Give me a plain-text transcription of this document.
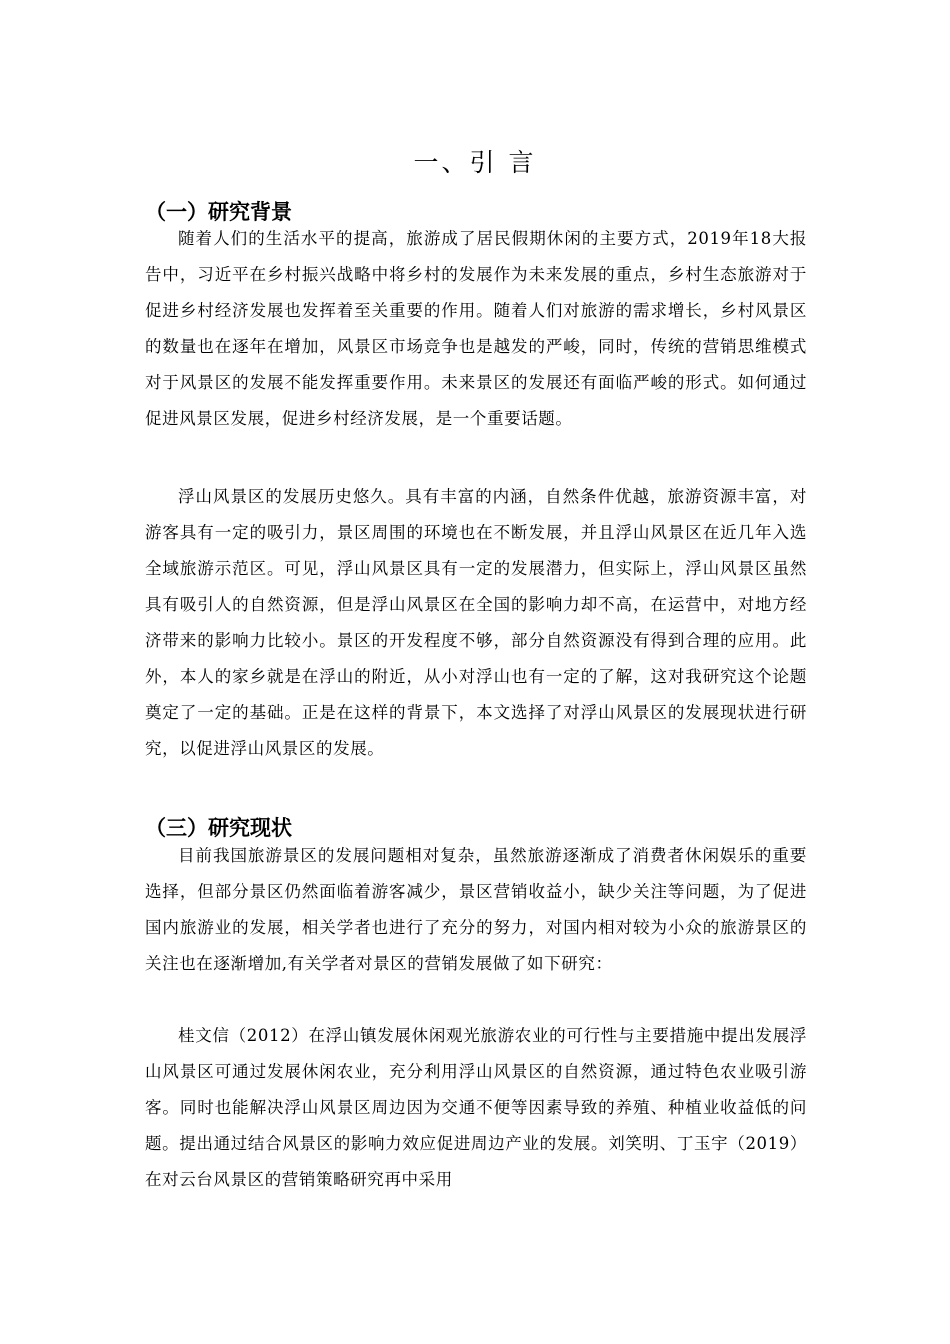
一、引 言
（一）研究背景

随着人们的生活水平的提高，旅游成了居民假期休闲的主要方式，2019年18大报告中，习近平在乡村振兴战略中将乡村的发展作为未来发展的重点，乡村生态旅游对于促进乡村经济发展也发挥着至关重要的作用。随着人们对旅游的需求增长，乡村风景区的数量也在逐年在增加，风景区市场竞争也是越发的严峻，同时，传统的营销思维模式对于风景区的发展不能发挥重要作用。未来景区的发展还有面临严峻的形式。如何通过促进风景区发展，促进乡村经济发展，是一个重要话题。

浮山风景区的发展历史悠久。具有丰富的内涵，自然条件优越，旅游资源丰富，对游客具有一定的吸引力，景区周围的环境也在不断发展，并且浮山风景区在近几年入选全域旅游示范区。可见，浮山风景区具有一定的发展潜力，但实际上，浮山风景区虽然具有吸引人的自然资源，但是浮山风景区在全国的影响力却不高，在运营中，对地方经济带来的影响力比较小。景区的开发程度不够，部分自然资源没有得到合理的应用。此外，本人的家乡就是在浮山的附近，从小对浮山也有一定的了解，这对我研究这个论题奠定了一定的基础。正是在这样的背景下，本文选择了对浮山风景区的发展现状进行研究，以促进浮山风景区的发展。

（三）研究现状

目前我国旅游景区的发展问题相对复杂，虽然旅游逐渐成了消费者休闲娱乐的重要选择，但部分景区仍然面临着游客减少，景区营销收益小，缺少关注等问题，为了促进国内旅游业的发展，相关学者也进行了充分的努力，对国内相对较为小众的旅游景区的关注也在逐渐增加,有关学者对景区的营销发展做了如下研究：

桂文信（2012）在浮山镇发展休闲观光旅游农业的可行性与主要措施中提出发展浮山风景区可通过发展休闲农业，充分利用浮山风景区的自然资源，通过特色农业吸引游客。同时也能解决浮山风景区周边因为交通不便等因素导致的养殖、种植业收益低的问题。提出通过结合风景区的影响力效应促进周边产业的发展。刘笑明、丁玉宇（2019）在对云台风景区的营销策略研究再中采用
